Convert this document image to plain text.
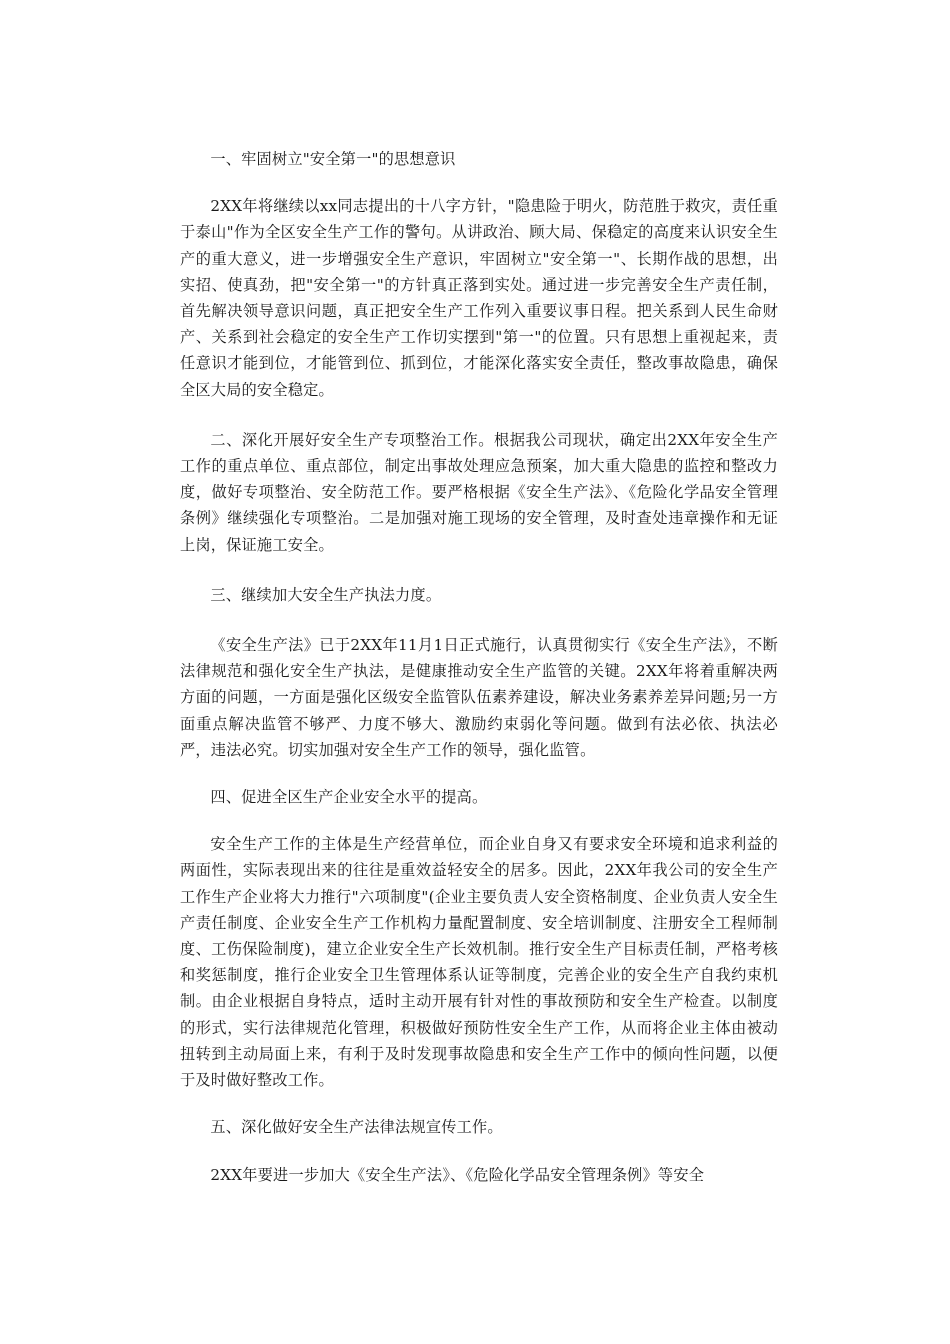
一、牢固树立"安全第一"的思想意识

2XX年将继续以xx同志提出的十八字方针，"隐患险于明火，防范胜于救灾，责任重于泰山"作为全区安全生产工作的警句。从讲政治、顾大局、保稳定的高度来认识安全生产的重大意义，进一步增强安全生产意识，牢固树立"安全第一"、长期作战的思想，出实招、使真劲，把"安全第一"的方针真正落到实处。通过进一步完善安全生产责任制，首先解决领导意识问题，真正把安全生产工作列入重要议事日程。把关系到人民生命财产、关系到社会稳定的安全生产工作切实摆到"第一"的位置。只有思想上重视起来，责任意识才能到位，才能管到位、抓到位，才能深化落实安全责任，整改事故隐患，确保全区大局的安全稳定。

二、深化开展好安全生产专项整治工作。根据我公司现状，确定出2XX年安全生产工作的重点单位、重点部位，制定出事故处理应急预案，加大重大隐患的监控和整改力度，做好专项整治、安全防范工作。要严格根据《安全生产法》、《危险化学品安全管理条例》继续强化专项整治。二是加强对施工现场的安全管理，及时查处违章操作和无证上岗，保证施工安全。

三、继续加大安全生产执法力度。

《安全生产法》已于2XX年11月1日正式施行，认真贯彻实行《安全生产法》，不断法律规范和强化安全生产执法，是健康推动安全生产监管的关键。2XX年将着重解决两方面的问题，一方面是强化区级安全监管队伍素养建设，解决业务素养差异问题;另一方面重点解决监管不够严、力度不够大、激励约束弱化等问题。做到有法必依、执法必严，违法必究。切实加强对安全生产工作的领导，强化监管。

四、促进全区生产企业安全水平的提高。

安全生产工作的主体是生产经营单位，而企业自身又有要求安全环境和追求利益的两面性，实际表现出来的往往是重效益轻安全的居多。因此，2XX年我公司的安全生产工作生产企业将大力推行"六项制度"(企业主要负责人安全资格制度、企业负责人安全生产责任制度、企业安全生产工作机构力量配置制度、安全培训制度、注册安全工程师制度、工伤保险制度)，建立企业安全生产长效机制。推行安全生产目标责任制，严格考核和奖惩制度，推行企业安全卫生管理体系认证等制度，完善企业的安全生产自我约束机制。由企业根据自身特点，适时主动开展有针对性的事故预防和安全生产检查。以制度的形式，实行法律规范化管理，积极做好预防性安全生产工作，从而将企业主体由被动扭转到主动局面上来，有利于及时发现事故隐患和安全生产工作中的倾向性问题，以便于及时做好整改工作。

五、深化做好安全生产法律法规宣传工作。

2XX年要进一步加大《安全生产法》、《危险化学品安全管理条例》等安全
